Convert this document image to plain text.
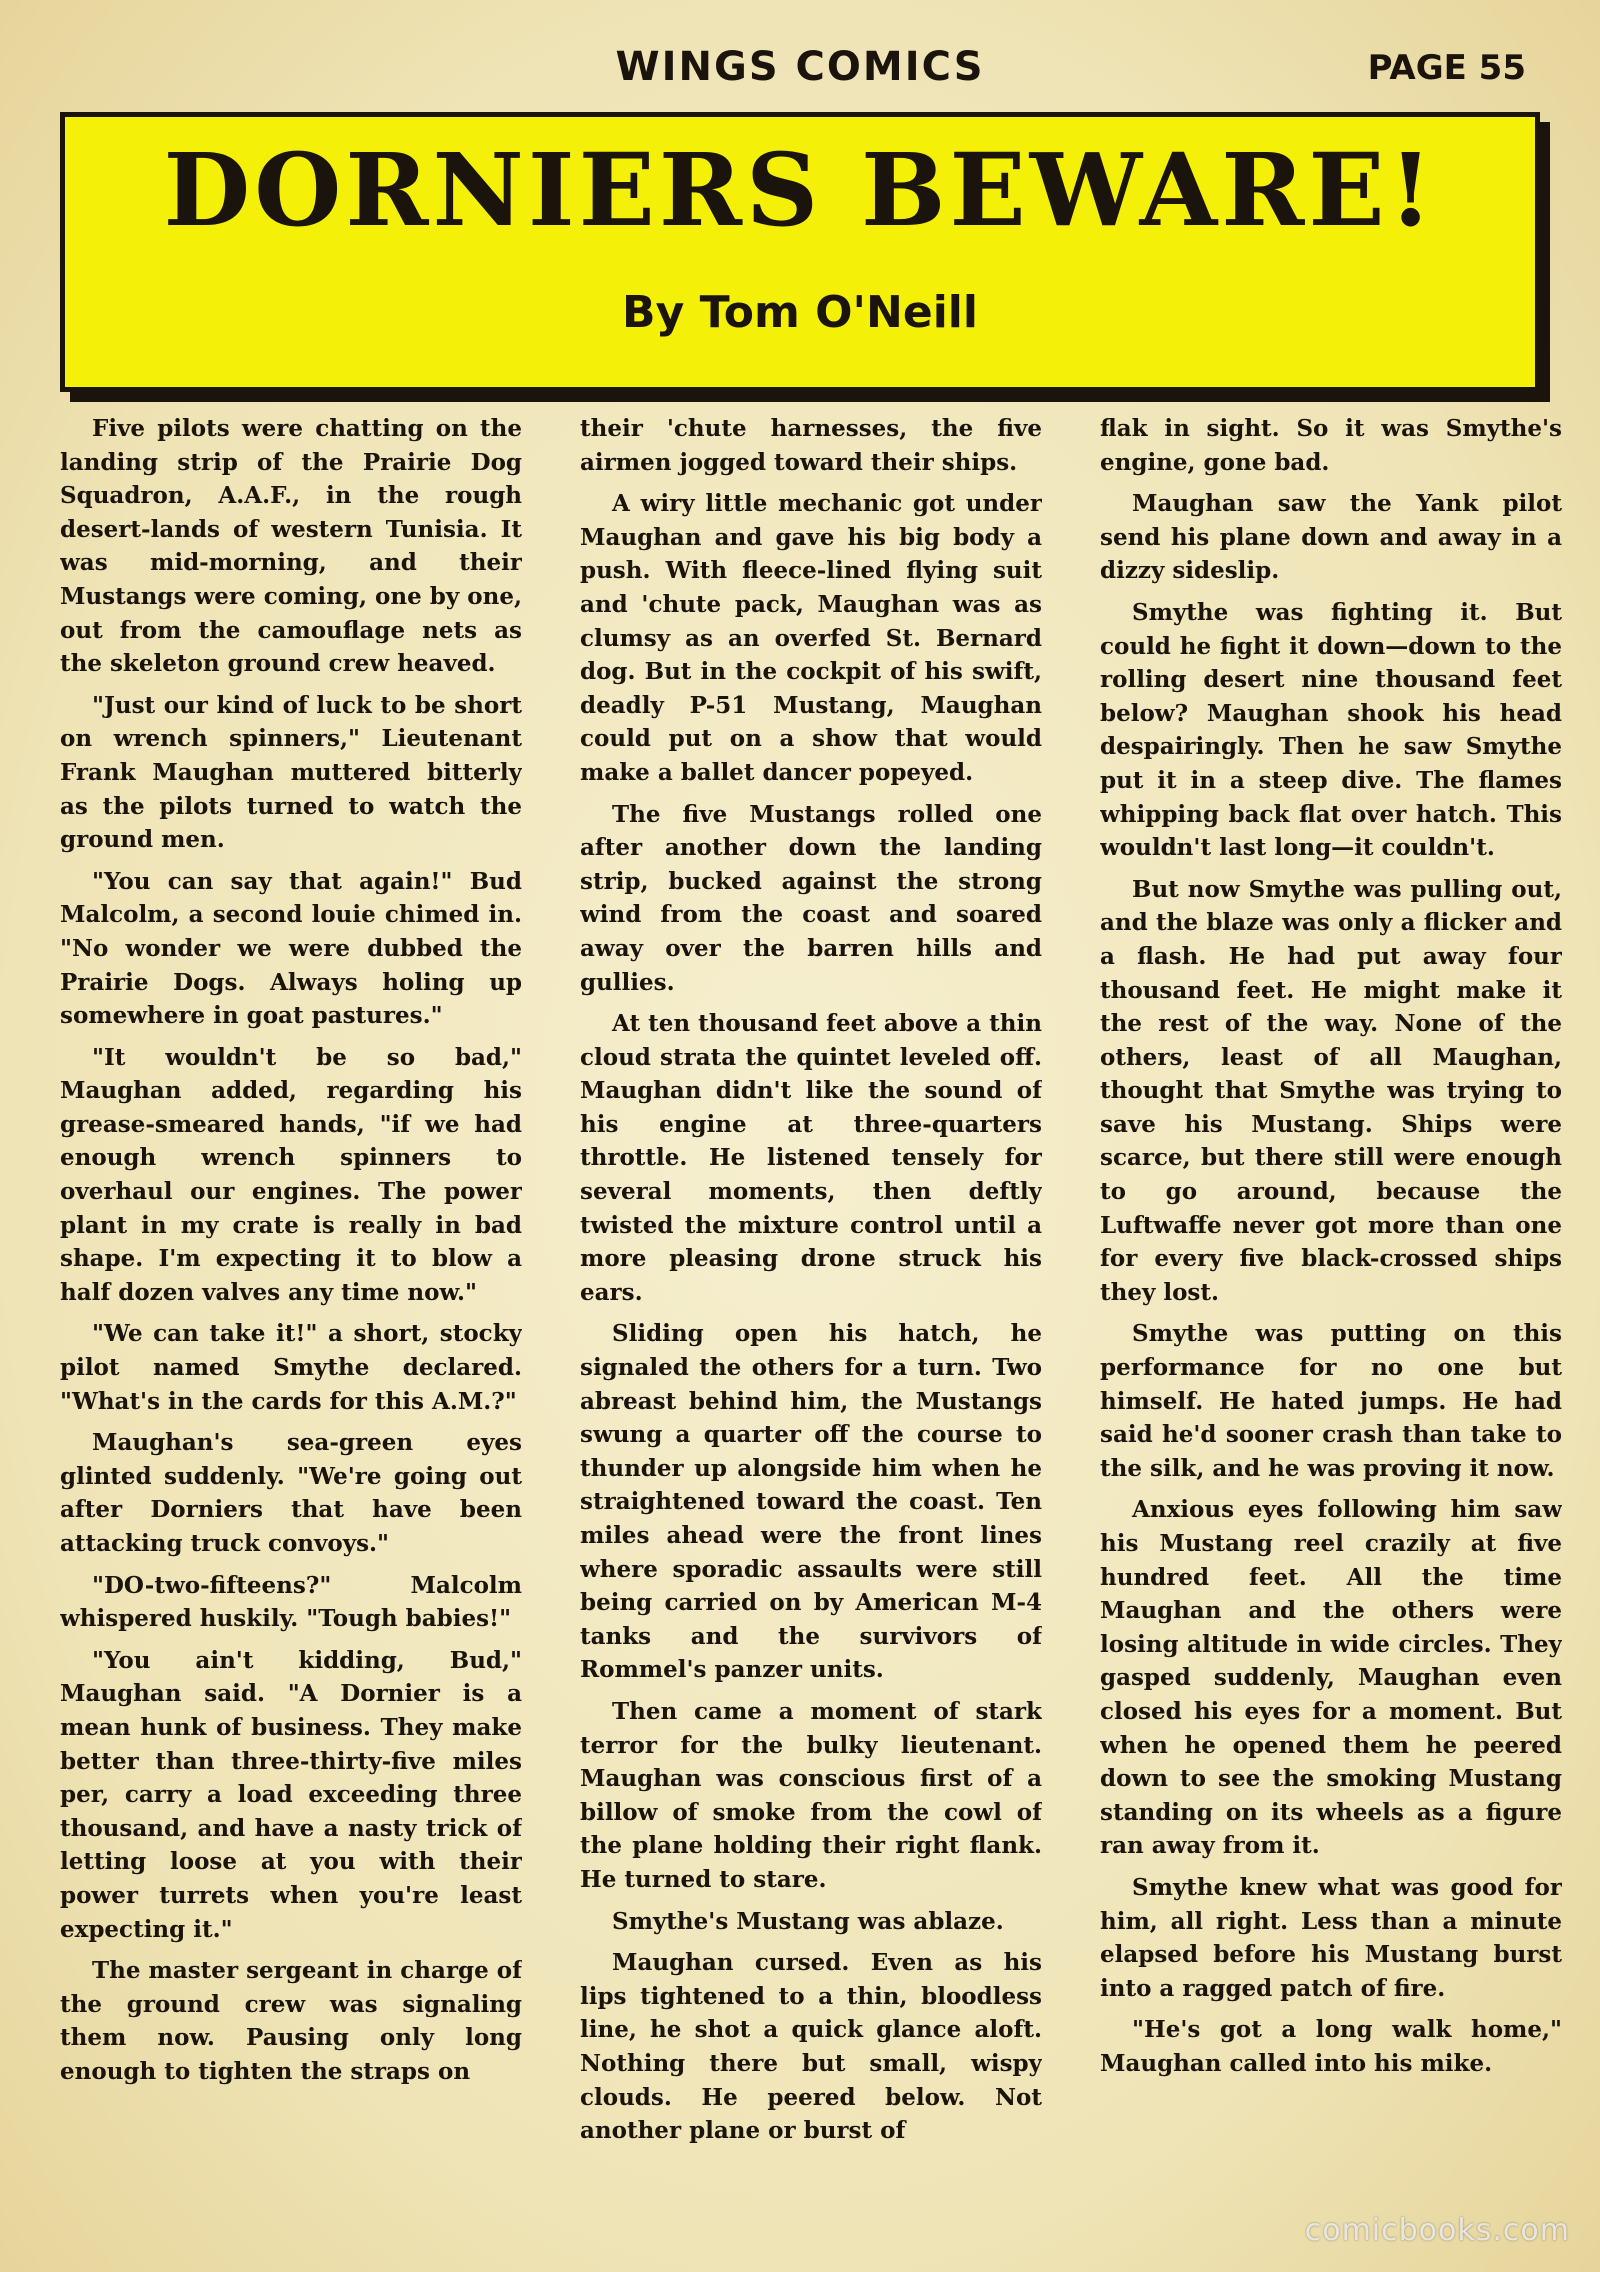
WINGS COMICS	PAGE 55
DORNIERS BEWARE!
By Tom O'Neill

Five pilots were chatting on the landing strip of the Prairie Dog Squadron, A.A.F., in the rough desert-lands of western Tunisia. It was mid-morning, and their Mustangs were coming, one by one, out from the camouflage nets as the skeleton ground crew heaved.

"Just our kind of luck to be short on wrench spinners," Lieutenant Frank Maughan muttered bitterly as the pilots turned to watch the ground men.

"You can say that again!" Bud Malcolm, a second louie chimed in. "No wonder we were dubbed the Prairie Dogs. Always holing up somewhere in goat pastures."

"It wouldn't be so bad," Maughan added, regarding his grease-smeared hands, "if we had enough wrench spinners to overhaul our engines. The power plant in my crate is really in bad shape. I'm expecting it to blow a half dozen valves any time now."

"We can take it!" a short, stocky pilot named Smythe declared. "What's in the cards for this A.M.?"

Maughan's sea-green eyes glinted suddenly. "We're going out after Dorniers that have been attacking truck convoys."

"DO-two-fifteens?" Malcolm whispered huskily. "Tough babies!"

"You ain't kidding, Bud," Maughan said. "A Dornier is a mean hunk of business. They make better than three-thirty-five miles per, carry a load exceeding three thousand, and have a nasty trick of letting loose at you with their power turrets when you're least expecting it."

The master sergeant in charge of the ground crew was signaling them now. Pausing only long enough to tighten the straps on

their 'chute harnesses, the five airmen jogged toward their ships.

A wiry little mechanic got under Maughan and gave his big body a push. With fleece-lined flying suit and 'chute pack, Maughan was as clumsy as an overfed St. Bernard dog. But in the cockpit of his swift, deadly P-51 Mustang, Maughan could put on a show that would make a ballet dancer popeyed.

The five Mustangs rolled one after another down the landing strip, bucked against the strong wind from the coast and soared away over the barren hills and gullies.

At ten thousand feet above a thin cloud strata the quintet leveled off. Maughan didn't like the sound of his engine at three-quarters throttle. He listened tensely for several moments, then deftly twisted the mixture control until a more pleasing drone struck his ears.

Sliding open his hatch, he signaled the others for a turn. Two abreast behind him, the Mustangs swung a quarter off the course to thunder up alongside him when he straightened toward the coast. Ten miles ahead were the front lines where sporadic assaults were still being carried on by American M-4 tanks and the survivors of Rommel's panzer units.

Then came a moment of stark terror for the bulky lieutenant. Maughan was conscious first of a billow of smoke from the cowl of the plane holding their right flank. He turned to stare.

Smythe's Mustang was ablaze.

Maughan cursed. Even as his lips tightened to a thin, bloodless line, he shot a quick glance aloft. Nothing there but small, wispy clouds. He peered below. Not another plane or burst of

flak in sight. So it was Smythe's engine, gone bad.

Maughan saw the Yank pilot send his plane down and away in a dizzy sideslip.

Smythe was fighting it. But could he fight it down—down to the rolling desert nine thousand feet below? Maughan shook his head despairingly. Then he saw Smythe put it in a steep dive. The flames whipping back flat over hatch. This wouldn't last long—it couldn't.

But now Smythe was pulling out, and the blaze was only a flicker and a flash. He had put away four thousand feet. He might make it the rest of the way. None of the others, least of all Maughan, thought that Smythe was trying to save his Mustang. Ships were scarce, but there still were enough to go around, because the Luftwaffe never got more than one for every five black-crossed ships they lost.

Smythe was putting on this performance for no one but himself. He hated jumps. He had said he'd sooner crash than take to the silk, and he was proving it now.

Anxious eyes following him saw his Mustang reel crazily at five hundred feet. All the time Maughan and the others were losing altitude in wide circles. They gasped suddenly, Maughan even closed his eyes for a moment. But when he opened them he peered down to see the smoking Mustang standing on its wheels as a figure ran away from it.

Smythe knew what was good for him, all right. Less than a minute elapsed before his Mustang burst into a ragged patch of fire.

"He's got a long walk home," Maughan called into his mike.

comicbooks.com
